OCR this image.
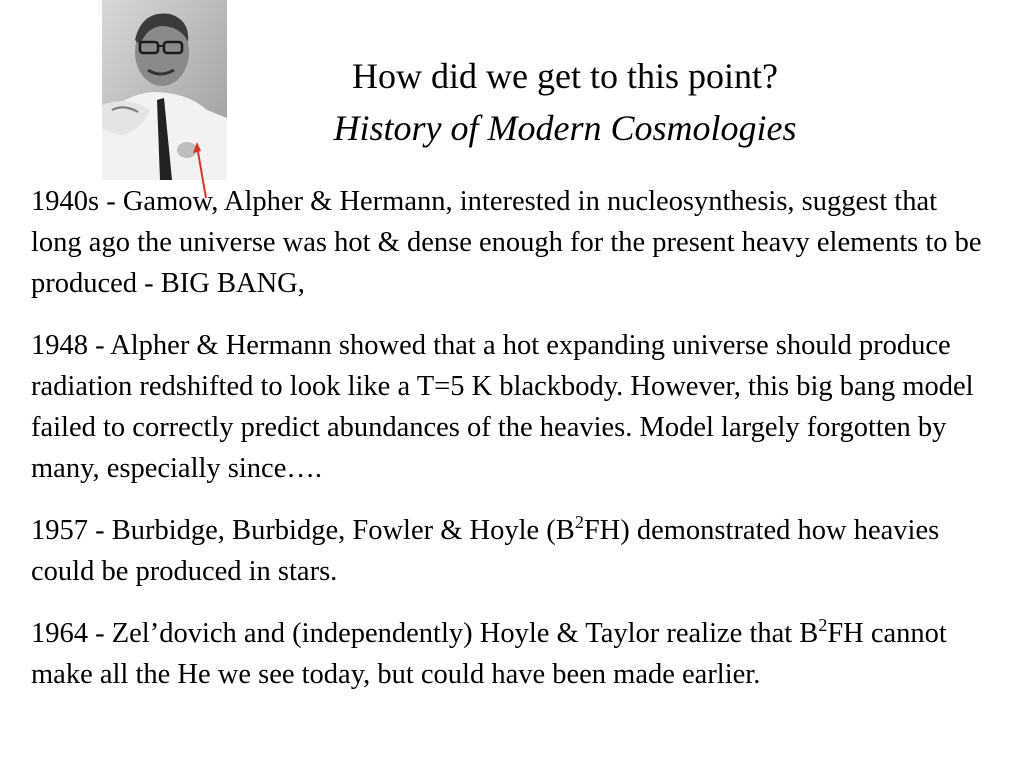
How did we get to this point?
History of Modern Cosmologies

1940s - Gamow, Alpher & Hermann, interested in nucleosynthesis, suggest that long ago the universe was hot & dense enough for the present heavy elements to be produced - BIG BANG,

1948 - Alpher & Hermann showed that a hot expanding universe should produce radiation redshifted to look like a T=5 K blackbody. However, this big bang model failed to correctly predict abundances of the heavies. Model largely forgotten by many, especially since….

1957 - Burbidge, Burbidge, Fowler & Hoyle $(B^2FH)$ demonstrated how heavies could be produced in stars.

1964 - Zel’dovich and (independently) Hoyle & Taylor realize that $B^2FH$ cannot make all the He we see today, but could have been made earlier.
